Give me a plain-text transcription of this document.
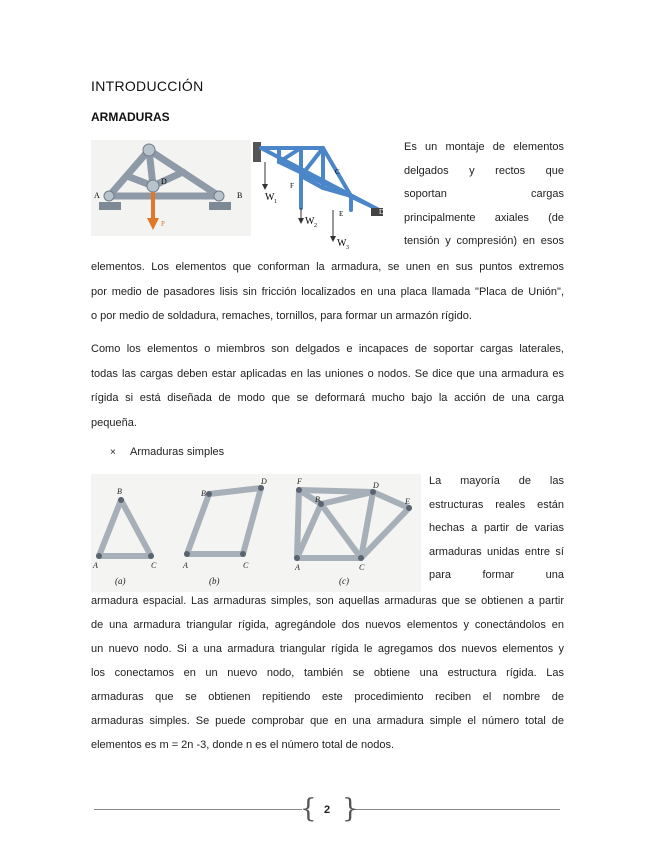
INTRODUCCIÓN
ARMADURAS
A
D
B
P
W 1
W 2
W 3
C
F
E	D
Es un montaje de elementos
delgados y rectos que
soportan cargas
principalmente axiales (de
tensión y compresión) en esos
elementos. Los elementos que conforman la armadura, se unen en sus puntos extremos
por medio de pasadores lisis sin fricción localizados en una placa llamada "Placa de Unión",
o por medio de soldadura, remaches, tornillos, para formar un armazón rígido.
Como los elementos o miembros son delgados e incapaces de soportar cargas laterales,
todas las cargas deben estar aplicadas en las uniones o nodos. Se dice que una armadura es
rígida si está diseñada de modo que se deformará mucho bajo la acción de una carga
pequeña.
× Armaduras simples
B
A	C
(a)
B
D
A	C
(b)
F	D
B	E
A	C
(c)
La mayoría de las
estructuras reales están
hechas a partir de varias
armaduras unidas entre sí
para formar una
armadura espacial. Las armaduras simples, son aquellas armaduras que se obtienen a partir
de una armadura triangular rígida, agregándole dos nuevos elementos y conectándolos en
un nuevo nodo. Si a una armadura triangular rígida le agregamos dos nuevos elementos y
los conectamos en un nuevo nodo, también se obtiene una estructura rígida. Las
armaduras que se obtienen repitiendo este procedimiento reciben el nombre de
armaduras simples. Se puede comprobar que en una armadura simple el número total de
elementos es m = 2n -3, donde n es el número total de nodos.
{ }
2
